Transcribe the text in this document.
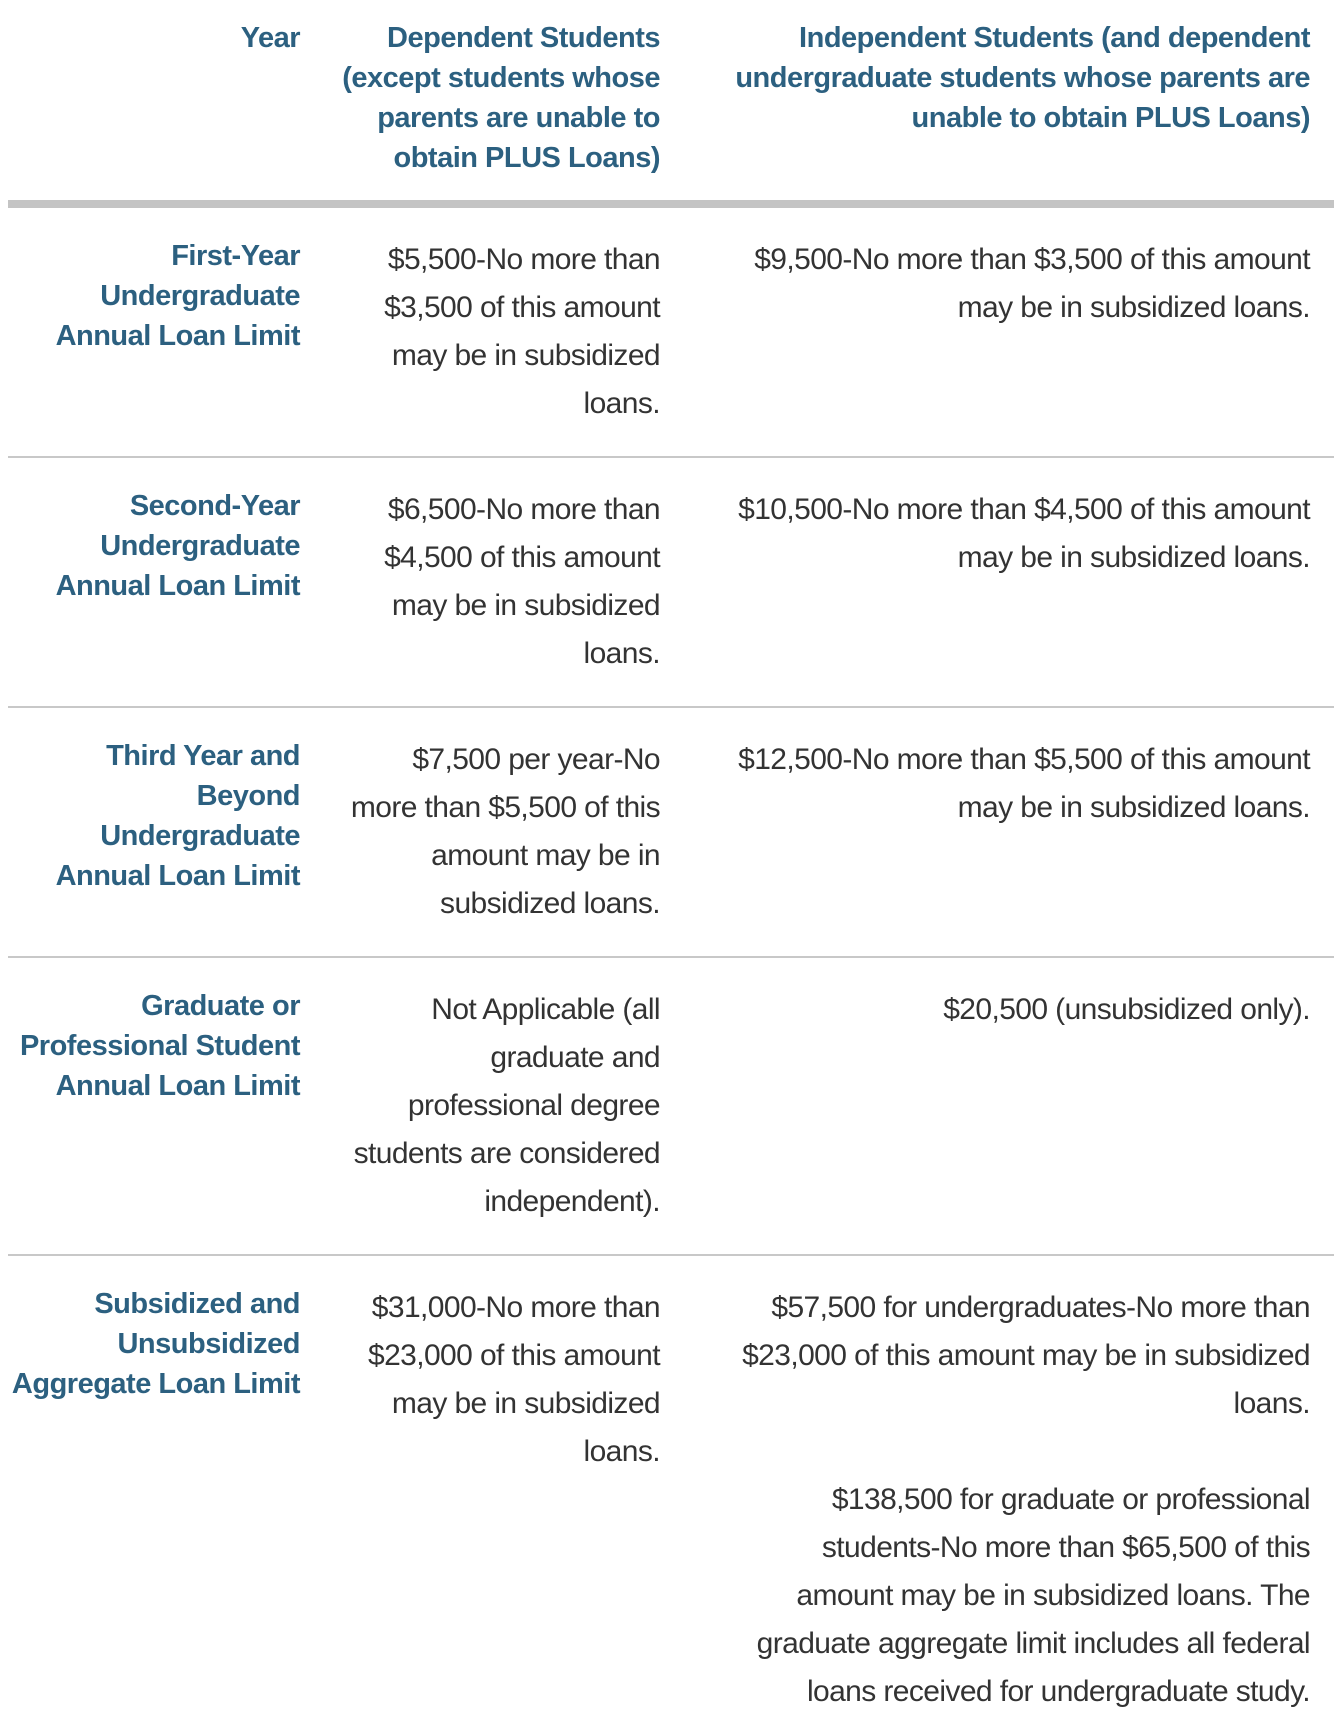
Year	Dependent Students (except students whose parents are unable to obtain PLUS Loans)	Independent Students (and dependent undergraduate students whose parents are unable to obtain PLUS Loans)
First-Year Undergraduate Annual Loan Limit	$5,500-No more than $3,500 of this amount may be in subsidized loans.	$9,500-No more than $3,500 of this amount may be in subsidized loans.

Second-Year Undergraduate Annual Loan Limit	$6,500-No more than $4,500 of this amount may be in subsidized loans.	$10,500-No more than $4,500 of this amount may be in subsidized loans.

Third Year and Beyond Undergraduate Annual Loan Limit	$7,500 per year-No more than $5,500 of this amount may be in subsidized loans.	$12,500-No more than $5,500 of this amount may be in subsidized loans.

Graduate or Professional Student Annual Loan Limit	Not Applicable (all graduate and professional degree students are considered independent).	$20,500 (unsubsidized only).

Subsidized and Unsubsidized Aggregate Loan Limit	$31,000-No more than $23,000 of this amount may be in subsidized loans.	$57,500 for undergraduates-No more than $23,000 of this amount may be in subsidized loans.
$138,500 for graduate or professional students-No more than $65,500 of this amount may be in subsidized loans. The graduate aggregate limit includes all federal loans received for undergraduate study.
